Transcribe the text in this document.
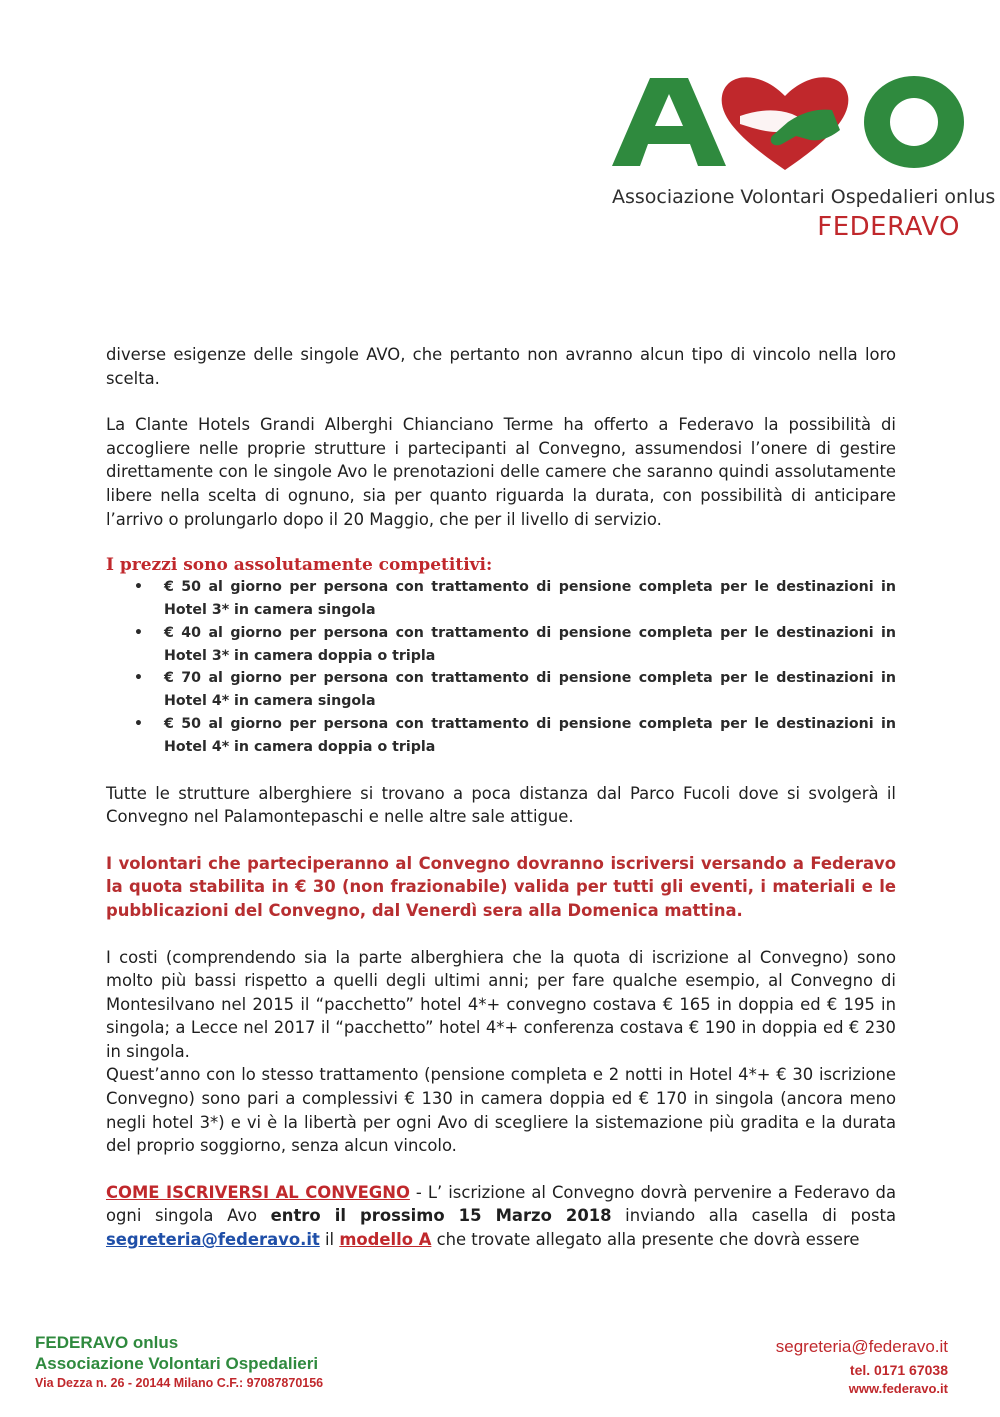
Associazione Volontari Ospedalieri onlus
FEDERAVO

diverse esigenze delle singole AVO, che pertanto non avranno alcun tipo di vincolo nella loro scelta.

La Clante Hotels Grandi Alberghi Chianciano Terme ha offerto a Federavo la possibilità di accogliere nelle proprie strutture i partecipanti al Convegno, assumendosi l’onere di gestire direttamente con le singole Avo le prenotazioni delle camere che saranno quindi assolutamente libere nella scelta di ognuno, sia per quanto riguarda la durata, con possibilità di anticipare l’arrivo o prolungarlo dopo il 20 Maggio, che per il livello di servizio.

I prezzi sono assolutamente competitivi:

• € 50 al giorno per persona con trattamento di pensione completa per le destinazioni in Hotel 3* in camera singola
• € 40 al giorno per persona con trattamento di pensione completa per le destinazioni in Hotel 3* in camera doppia o tripla
• € 70 al giorno per persona con trattamento di pensione completa per le destinazioni in Hotel 4* in camera singola
• € 50 al giorno per persona con trattamento di pensione completa per le destinazioni in Hotel 4* in camera doppia o tripla

Tutte le strutture alberghiere si trovano a poca distanza dal Parco Fucoli dove si svolgerà il Convegno nel Palamontepaschi e nelle altre sale attigue.

I volontari che parteciperanno al Convegno dovranno iscriversi versando a Federavo la quota stabilita in € 30 (non frazionabile) valida per tutti gli eventi, i materiali e le pubblicazioni del Convegno, dal Venerdì sera alla Domenica mattina.

I costi (comprendendo sia la parte alberghiera che la quota di iscrizione al Convegno) sono molto più bassi rispetto a quelli degli ultimi anni; per fare qualche esempio, al Convegno di Montesilvano nel 2015 il “pacchetto” hotel 4*+ convegno costava € 165 in doppia ed € 195 in singola; a Lecce nel 2017 il “pacchetto” hotel 4*+ conferenza costava € 190 in doppia ed € 230 in singola.

Quest’anno con lo stesso trattamento (pensione completa e 2 notti in Hotel 4*+ € 30 iscrizione Convegno) sono pari a complessivi € 130 in camera doppia ed € 170 in singola (ancora meno negli hotel 3*) e vi è la libertà per ogni Avo di scegliere la sistemazione più gradita e la durata del proprio soggiorno, senza alcun vincolo.

COME ISCRIVERSI AL CONVEGNO - L’ iscrizione al Convegno dovrà pervenire a Federavo da ogni singola Avo entro il prossimo 15 Marzo 2018 inviando alla casella di posta segreteria@federavo.it il modello A che trovate allegato alla presente che dovrà essere

FEDERAVO onlus
Associazione Volontari Ospedalieri
Via Dezza n. 26 - 20144 Milano C.F.: 97087870156
segreteria@federavo.it
tel. 0171 67038
www.federavo.it
